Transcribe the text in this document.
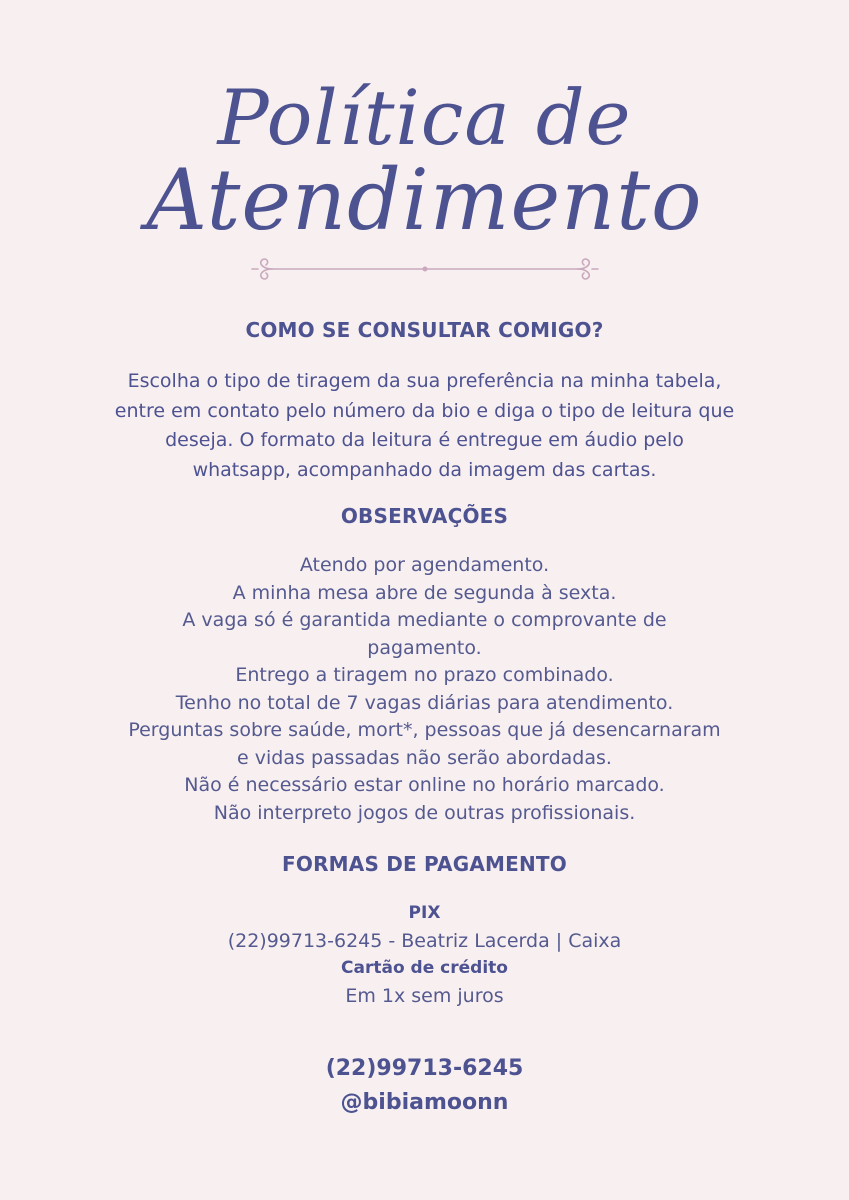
Política de
Atendimento
COMO SE CONSULTAR COMIGO?
Escolha o tipo de tiragem da sua preferência na minha tabela,
entre em contato pelo número da bio e diga o tipo de leitura que
deseja. O formato da leitura é entregue em áudio pelo
whatsapp, acompanhado da imagem das cartas.
OBSERVAÇÕES
Atendo por agendamento.
A minha mesa abre de segunda à sexta.
A vaga só é garantida mediante o comprovante de
pagamento.
Entrego a tiragem no prazo combinado.
Tenho no total de 7 vagas diárias para atendimento.
Perguntas sobre saúde, mort*, pessoas que já desencarnaram
e vidas passadas não serão abordadas.
Não é necessário estar online no horário marcado.
Não interpreto jogos de outras profissionais.
FORMAS DE PAGAMENTO
PIX
(22)99713-6245 - Beatriz Lacerda | Caixa
Cartão de crédito
Em 1x sem juros
(22)99713-6245
@bibiamoonn
